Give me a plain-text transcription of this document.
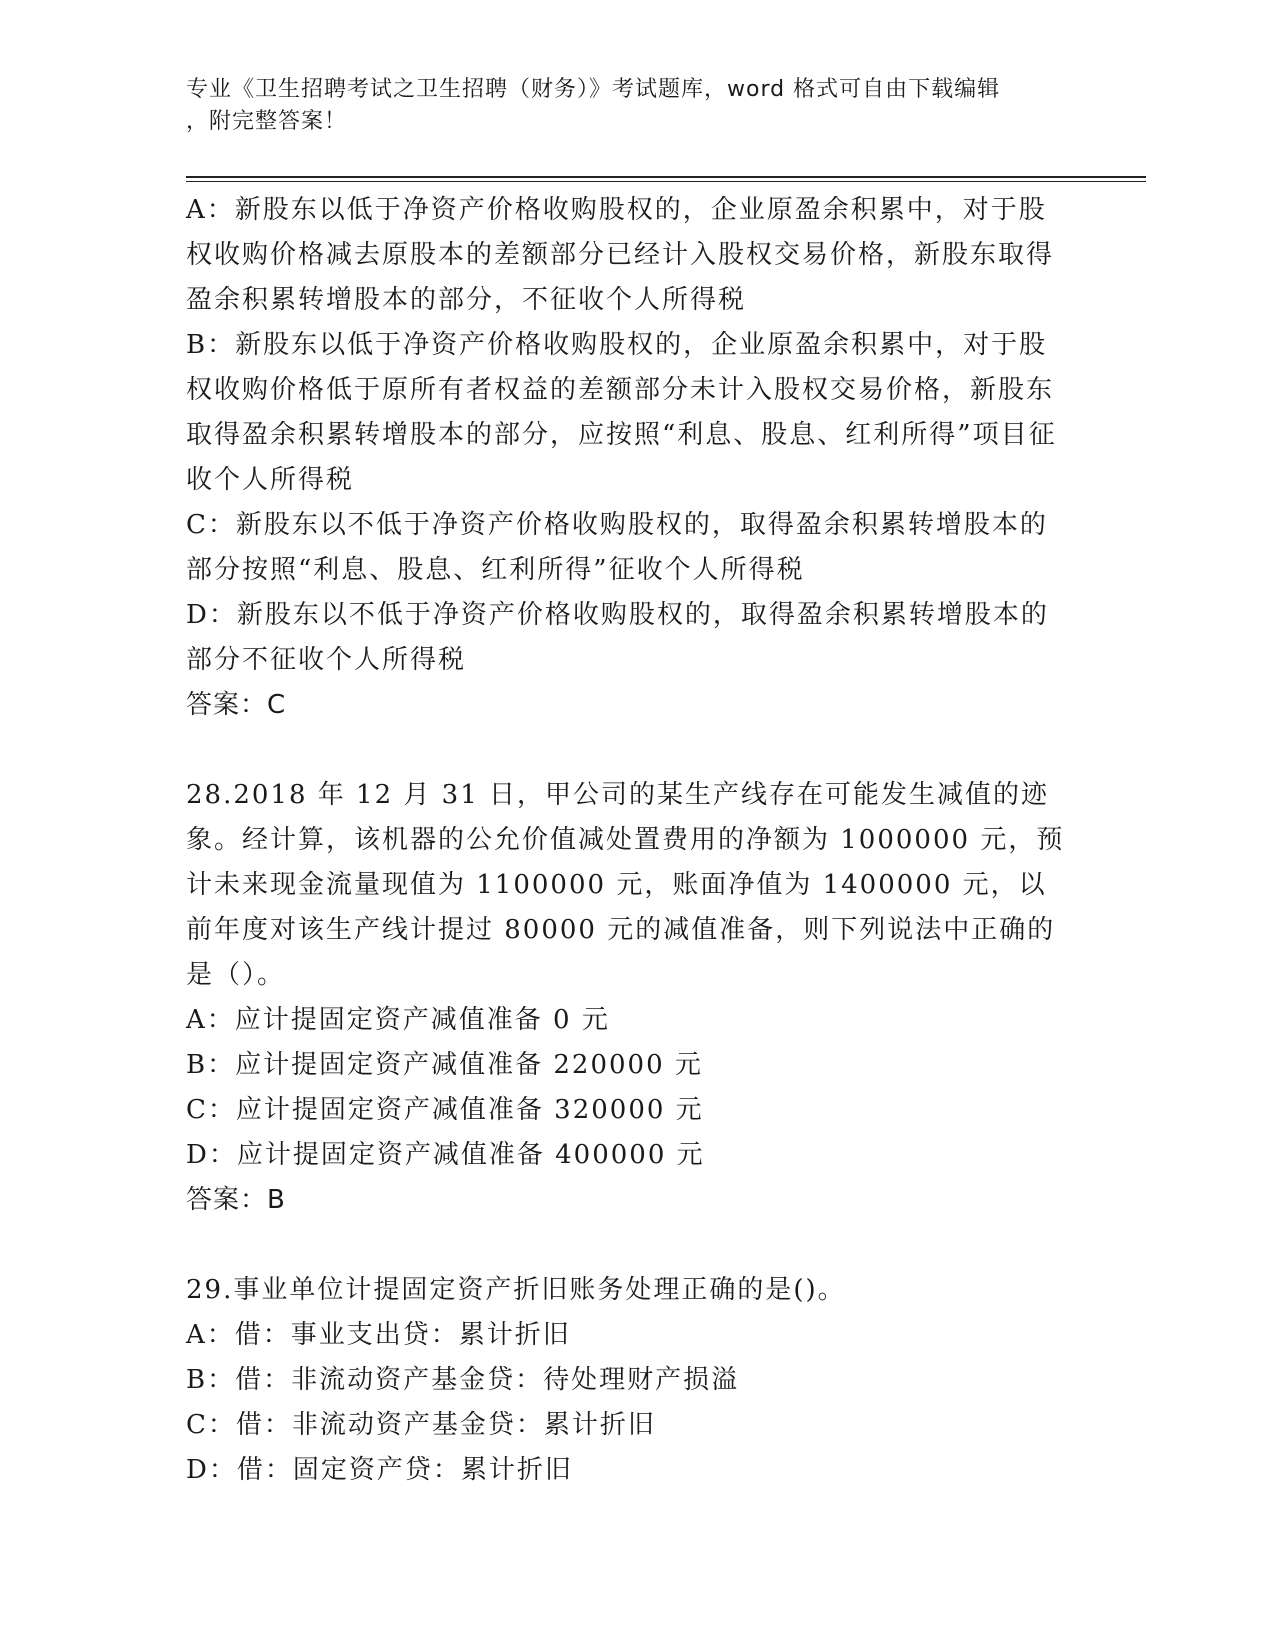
专业《卫生招聘考试之卫生招聘（财务）》考试题库，word 格式可自由下载编辑
，附完整答案！

A：新股东以低于净资产价格收购股权的，企业原盈余积累中，对于股权收购价格减去原股本的差额部分已经计入股权交易价格，新股东取得盈余积累转增股本的部分，不征收个人所得税

B：新股东以低于净资产价格收购股权的，企业原盈余积累中，对于股权收购价格低于原所有者权益的差额部分未计入股权交易价格，新股东取得盈余积累转增股本的部分，应按照“利息、股息、红利所得”项目征收个人所得税

C：新股东以不低于净资产价格收购股权的，取得盈余积累转增股本的部分按照“利息、股息、红利所得”征收个人所得税

D：新股东以不低于净资产价格收购股权的，取得盈余积累转增股本的部分不征收个人所得税

答案：C

28.2018 年 12 月 31 日，甲公司的某生产线存在可能发生减值的迹象。经计算，该机器的公允价值减处置费用的净额为 1000000 元，预计未来现金流量现值为 1100000 元，账面净值为 1400000 元，以前年度对该生产线计提过 80000 元的减值准备，则下列说法中正确的是（）。

A：应计提固定资产减值准备 0 元

B：应计提固定资产减值准备 220000 元

C：应计提固定资产减值准备 320000 元

D：应计提固定资产减值准备 400000 元

答案：B

29.事业单位计提固定资产折旧账务处理正确的是()。

A：借：事业支出贷：累计折旧

B：借：非流动资产基金贷：待处理财产损溢

C：借：非流动资产基金贷：累计折旧

D：借：固定资产贷：累计折旧
